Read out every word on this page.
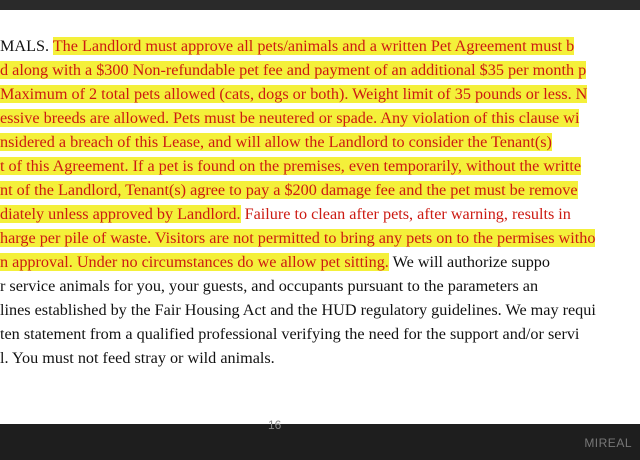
MALS. The Landlord must approve all pets/animals and a written Pet Agreement must b
d along with a $300 Non-refundable pet fee and payment of an additional $35 per month p
Maximum of 2 total pets allowed (cats, dogs or both). Weight limit of 35 pounds or less. N
essive breeds are allowed. Pets must be neutered or spade. Any violation of this clause wi
nsidered a breach of this Lease, and will allow the Landlord to consider the Tenant(s)
t of this Agreement. If a pet is found on the premises, even temporarily, without the writte
nt of the Landlord, Tenant(s) agree to pay a $200 damage fee and the pet must be remove
diately unless approved by Landlord. Failure to clean after pets, after warning, results in
harge per pile of waste. Visitors are not permitted to bring any pets on to the permises witho
n approval. Under no circumstances do we allow pet sitting. We will authorize suppo
r service animals for you, your guests, and occupants pursuant to the parameters an
lines established by the Fair Housing Act and the HUD regulatory guidelines. We may requi
ten statement from a qualified professional verifying the need for the support and/or servi
l. You must not feed stray or wild animals.
16
MIREAL
